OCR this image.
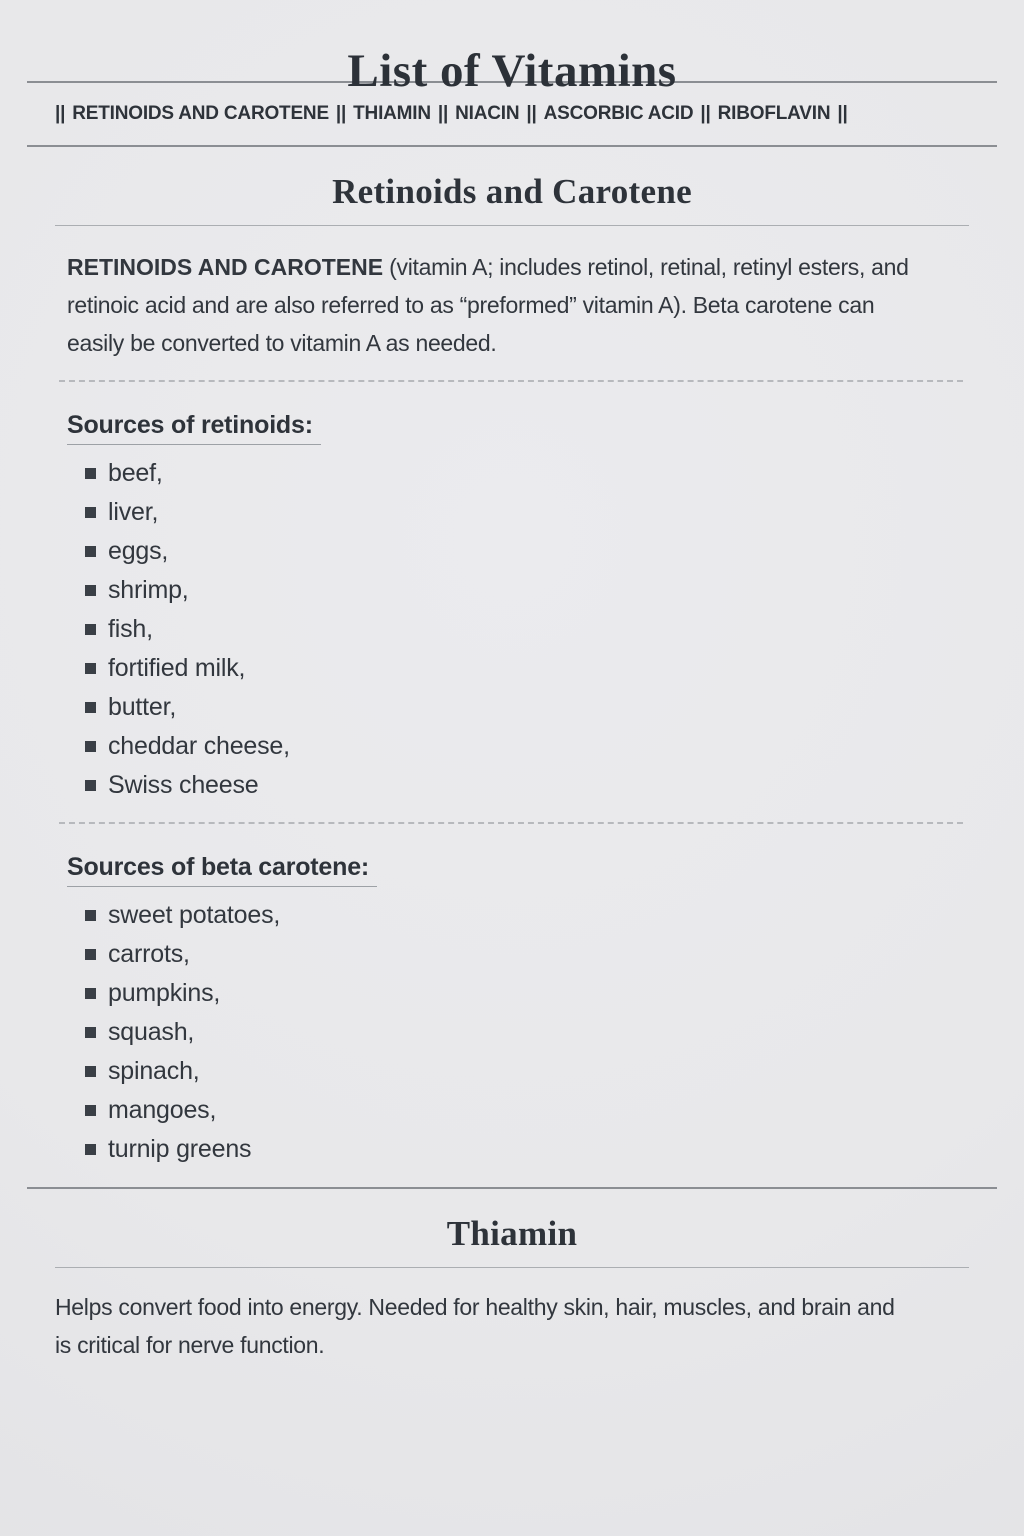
List of Vitamins
|| RETINOIDS AND CAROTENE || THIAMIN || NIACIN || ASCORBIC ACID || RIBOFLAVIN ||
Retinoids and Carotene

RETINOIDS AND CAROTENE (vitamin A; includes retinol, retinal, retinyl esters, and retinoic acid and are also referred to as “preformed” vitamin A). Beta carotene can easily be converted to vitamin A as needed.

Sources of retinoids:
beef,
liver,
eggs,
shrimp,
fish,
fortified milk,
butter,
cheddar cheese,
Swiss cheese
Sources of beta carotene:
sweet potatoes,
carrots,
pumpkins,
squash,
spinach,
mangoes,
turnip greens
Thiamin

Helps convert food into energy. Needed for healthy skin, hair, muscles, and brain and is critical for nerve function.
